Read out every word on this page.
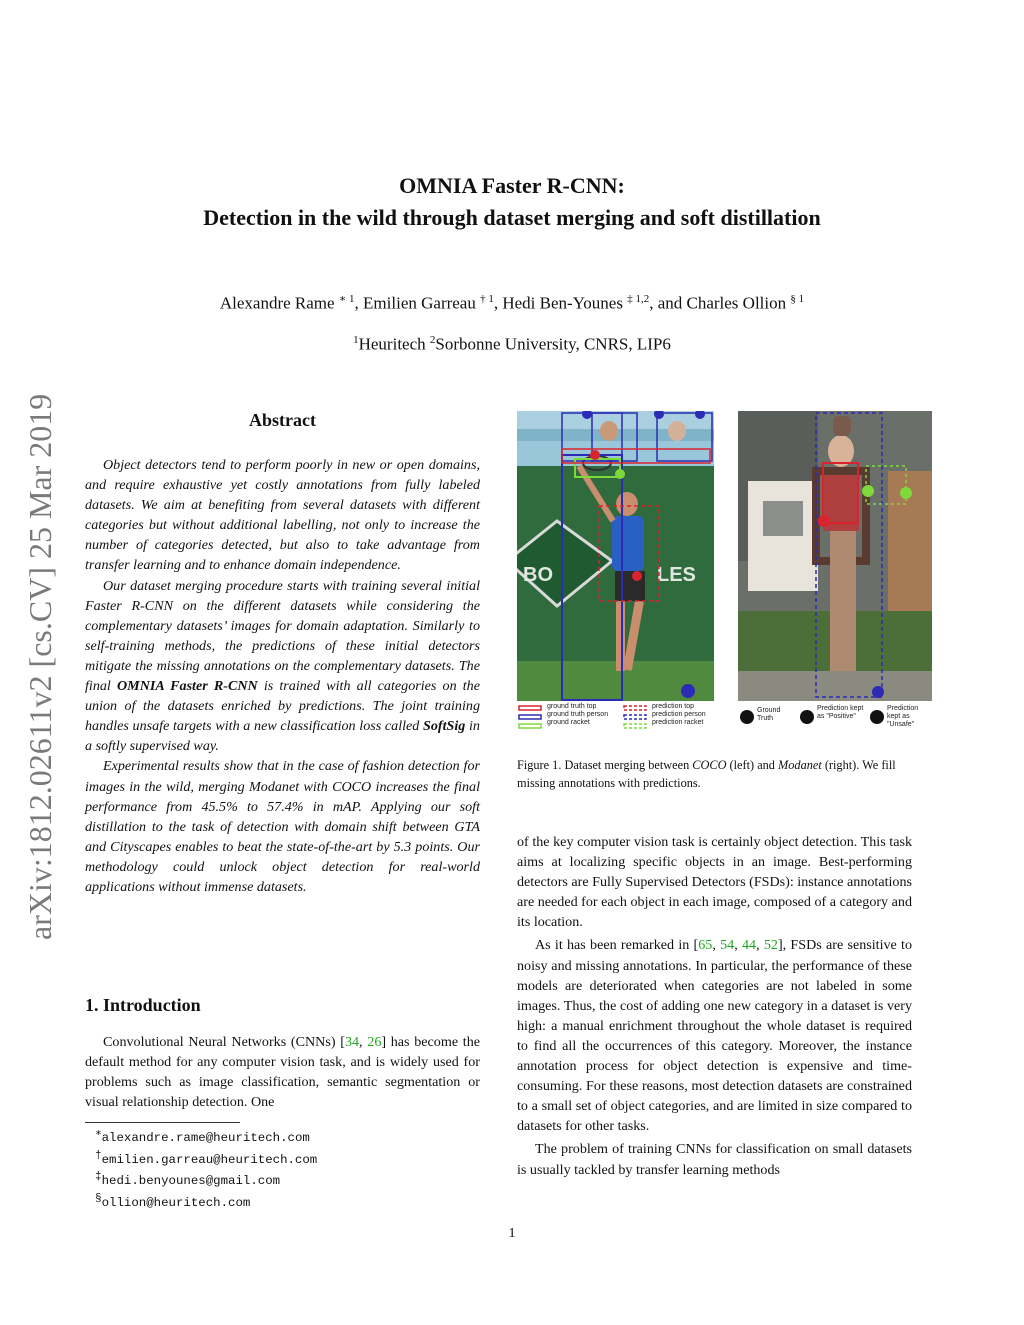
OMNIA Faster R-CNN:
Detection in the wild through dataset merging and soft distillation
Alexandre Rame $^{∗ 1}$, Emilien Garreau $^{\dagger 1}$, Hedi Ben-Younes $^{\ddagger 1,2}$, and Charles Ollion $^{\S 1}$
$^1$Heuritech $^2$Sorbonne University, CNRS, LIP6
arXiv:1812.02611v2 [cs.CV] 25 Mar 2019	Abstract

Object detectors tend to perform poorly in new or open domains, and require exhaustive yet costly annotations from fully labeled datasets. We aim at benefiting from several datasets with different categories but without additional labelling, not only to increase the number of categories detected, but also to take advantage from transfer learning and to enhance domain independence.

Our dataset merging procedure starts with training several initial Faster R-CNN on the different datasets while considering the complementary datasets’ images for domain adaptation. Similarly to self-training methods, the predictions of these initial detectors mitigate the missing annotations on the complementary datasets. The final OMNIA Faster R-CNN is trained with all categories on the union of the datasets enriched by predictions. The joint training handles unsafe targets with a new classification loss called SoftSig in a softly supervised way.

Experimental results show that in the case of fashion detection for images in the wild, merging Modanet with COCO increases the final performance from 45.5% to 57.4% in mAP. Applying our soft distillation to the task of detection with domain shift between GTA and Cityscapes enables to beat the state-of-the-art by 5.3 points. Our methodology could unlock object detection for real-world applications without immense datasets.

1. Introduction

Convolutional Neural Networks (CNNs) [34, 26] has become the default method for any computer vision task, and is widely used for problems such as image classification, semantic segmentation or visual relationship detection. One

∗alexandre.rame@heuritech.com
†emilien.garreau@heuritech.com
‡hedi.benyounes@gmail.com
§ollion@heuritech.com
BO	LES
ground truth top
ground truth person
ground racket
prediction top
prediction person
prediction racket
Ground Truth
Prediction kept as "Positive"
Prediction kept as "Unsafe"
Figure 1. Dataset merging between COCO (left) and Modanet (right). We fill missing annotations with predictions.

of the key computer vision task is certainly object detection. This task aims at localizing specific objects in an image. Best-performing detectors are Fully Supervised Detectors (FSDs): instance annotations are needed for each object in each image, composed of a category and its location.

As it has been remarked in [65, 54, 44, 52], FSDs are sensitive to noisy and missing annotations. In particular, the performance of these models are deteriorated when categories are not labeled in some images. Thus, the cost of adding one new category in a dataset is very high: a manual enrichment throughout the whole dataset is required to find all the occurrences of this category. Moreover, the instance annotation process for object detection is expensive and time-consuming. For these reasons, most detection datasets are constrained to a small set of object categories, and are limited in size compared to datasets for other tasks.

The problem of training CNNs for classification on small datasets is usually tackled by transfer learning methods

1
